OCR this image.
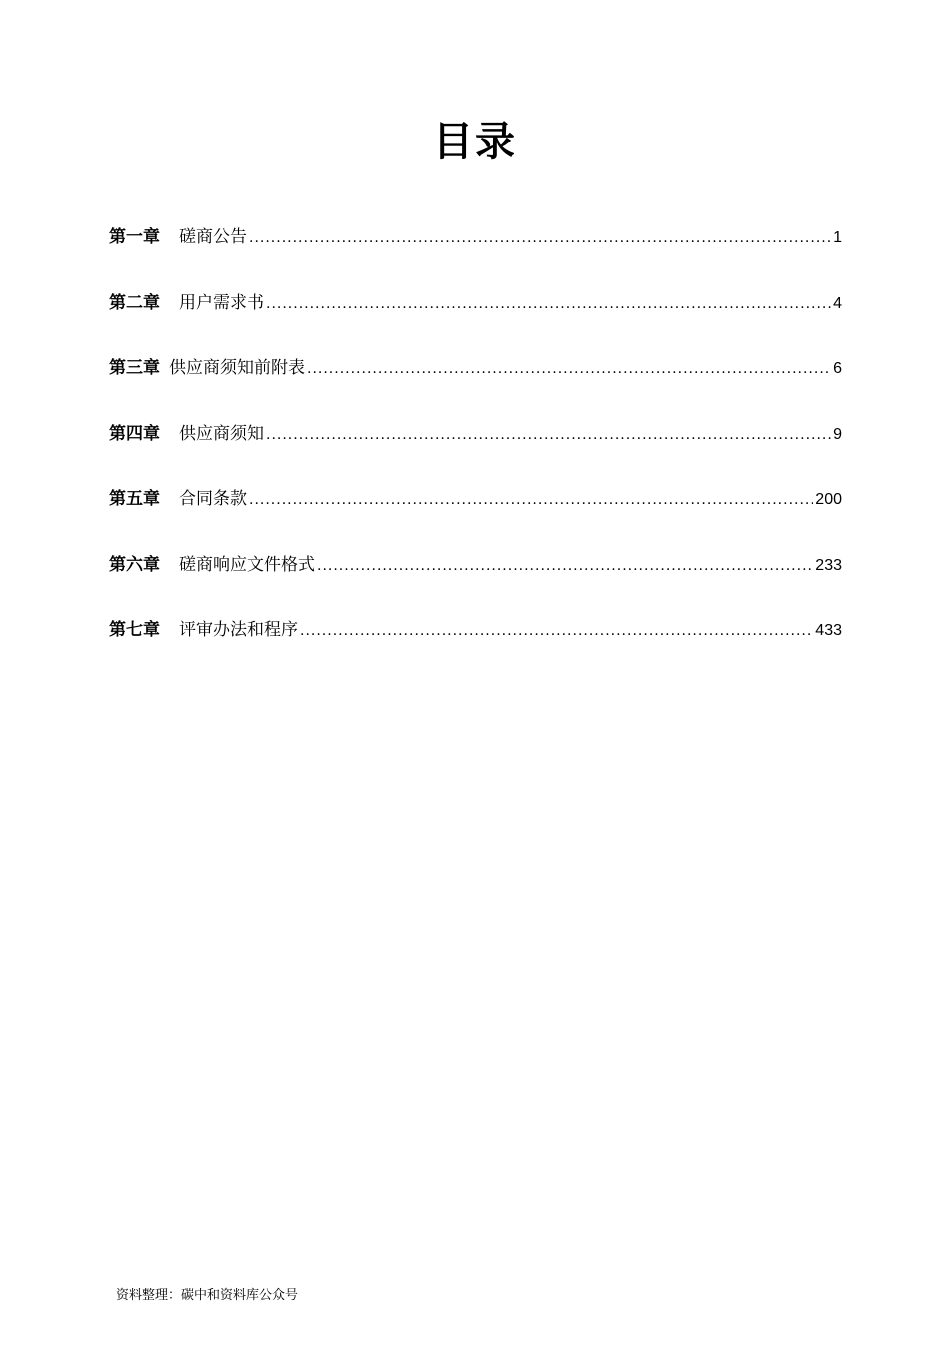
目录
第一章 磋商公告 .....	1
第二章 用户需求书 .....	4
第三章 供应商须知前附表 .....	6
第四章 供应商须知 .....	9
第五章 合同条款 .....	200
第六章 磋商响应文件格式 .....	233
第七章 评审办法和程序 .....	433
资料整理：碳中和资料库公众号
